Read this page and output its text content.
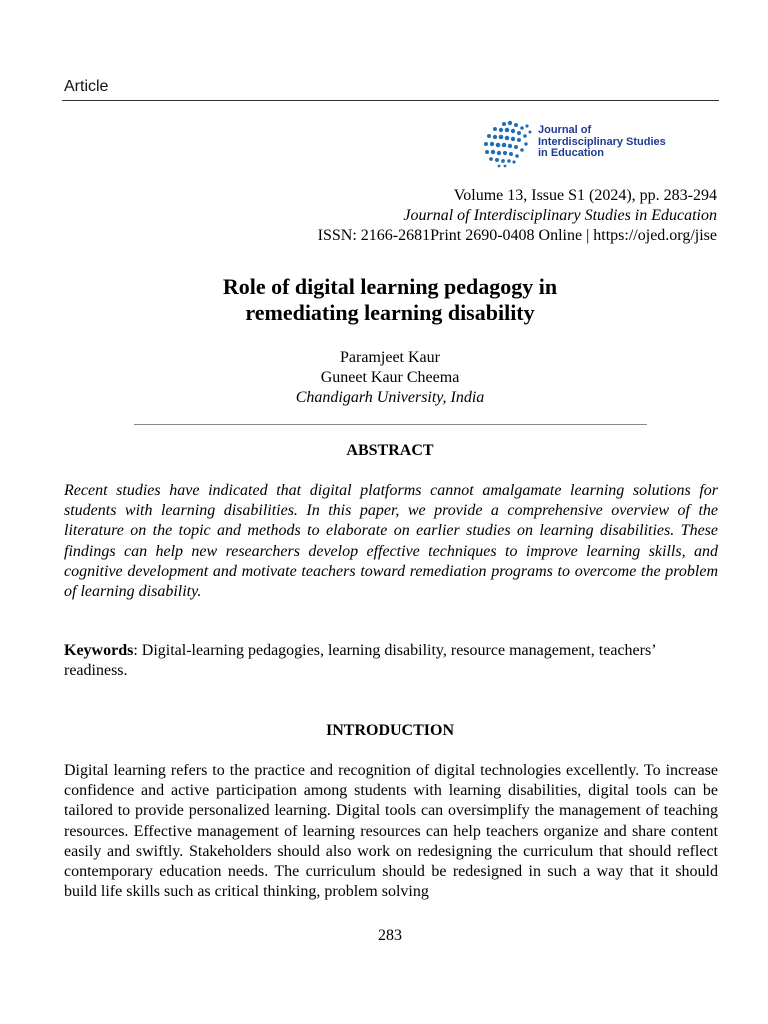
Article
Journal of
Interdisciplinary Studies
in Education
Volume 13, Issue S1 (2024), pp. 283-294
Journal of Interdisciplinary Studies in Education
ISSN: 2166-2681Print 2690-0408 Online | https://ojed.org/jise
Role of digital learning pedagogy in
remediating learning disability
Paramjeet Kaur
Guneet Kaur Cheema
Chandigarh University, India
ABSTRACT
Recent studies have indicated that digital platforms cannot amalgamate learning solutions for students with learning disabilities. In this paper, we provide a comprehensive overview of the literature on the topic and methods to elaborate on earlier studies on learning disabilities. These findings can help new researchers develop effective techniques to improve learning skills, and cognitive development and motivate teachers toward remediation programs to overcome the problem of learning disability.
Keywords: Digital-learning pedagogies, learning disability, resource management, teachers’ readiness.
INTRODUCTION
Digital learning refers to the practice and recognition of digital technologies excellently. To increase confidence and active participation among students with learning disabilities, digital tools can be tailored to provide personalized learning. Digital tools can oversimplify the management of teaching resources. Effective management of learning resources can help teachers organize and share content easily and swiftly. Stakeholders should also work on redesigning the curriculum that should reflect contemporary education needs. The curriculum should be redesigned in such a way that it should build life skills such as critical thinking, problem solving
283
